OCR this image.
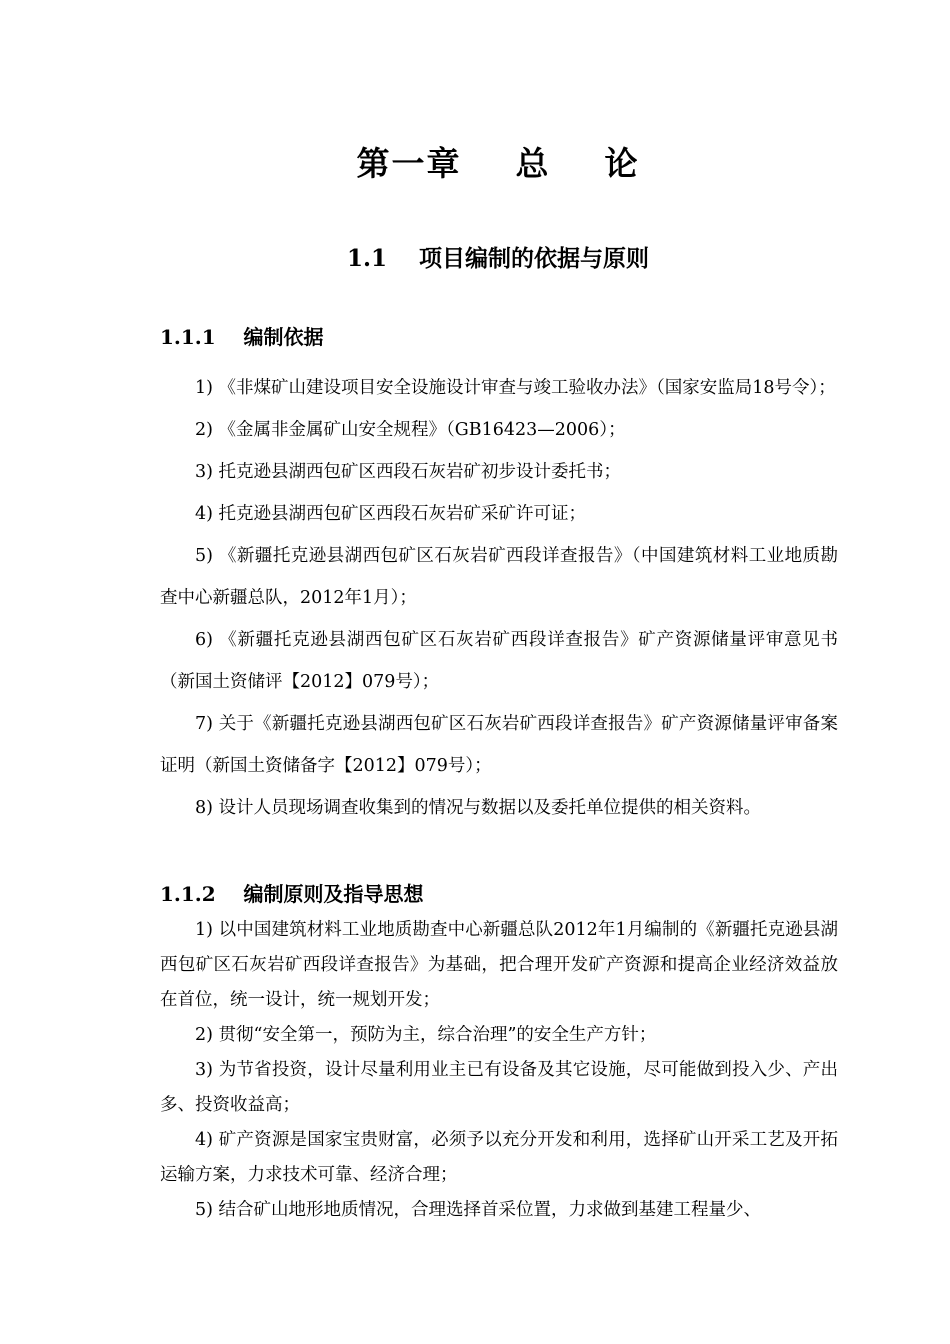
第一章    总    论
1.1    项目编制的依据与原则
1.1.1    编制依据

1) 《非煤矿山建设项目安全设施设计审查与竣工验收办法》（国家安监局18号令）；

2) 《金属非金属矿山安全规程》（GB16423—2006）；

3) 托克逊县湖西包矿区西段石灰岩矿初步设计委托书；

4) 托克逊县湖西包矿区西段石灰岩矿采矿许可证；

5) 《新疆托克逊县湖西包矿区石灰岩矿西段详查报告》（中国建筑材料工业地质勘查中心新疆总队，2012年1月）；

6) 《新疆托克逊县湖西包矿区石灰岩矿西段详查报告》矿产资源储量评审意见书（新国土资储评【2012】079号）；

7) 关于《新疆托克逊县湖西包矿区石灰岩矿西段详查报告》矿产资源储量评审备案证明（新国土资储备字【2012】079号）；

8) 设计人员现场调查收集到的情况与数据以及委托单位提供的相关资料。

1.1.2    编制原则及指导思想

1) 以中国建筑材料工业地质勘查中心新疆总队2012年1月编制的《新疆托克逊县湖西包矿区石灰岩矿西段详查报告》为基础，把合理开发矿产资源和提高企业经济效益放在首位，统一设计，统一规划开发；

2) 贯彻“安全第一，预防为主，综合治理”的安全生产方针；

3) 为节省投资，设计尽量利用业主已有设备及其它设施，尽可能做到投入少、产出多、投资收益高；

4) 矿产资源是国家宝贵财富，必须予以充分开发和利用，选择矿山开采工艺及开拓运输方案，力求技术可靠、经济合理；

5) 结合矿山地形地质情况，合理选择首采位置，力求做到基建工程量少、
